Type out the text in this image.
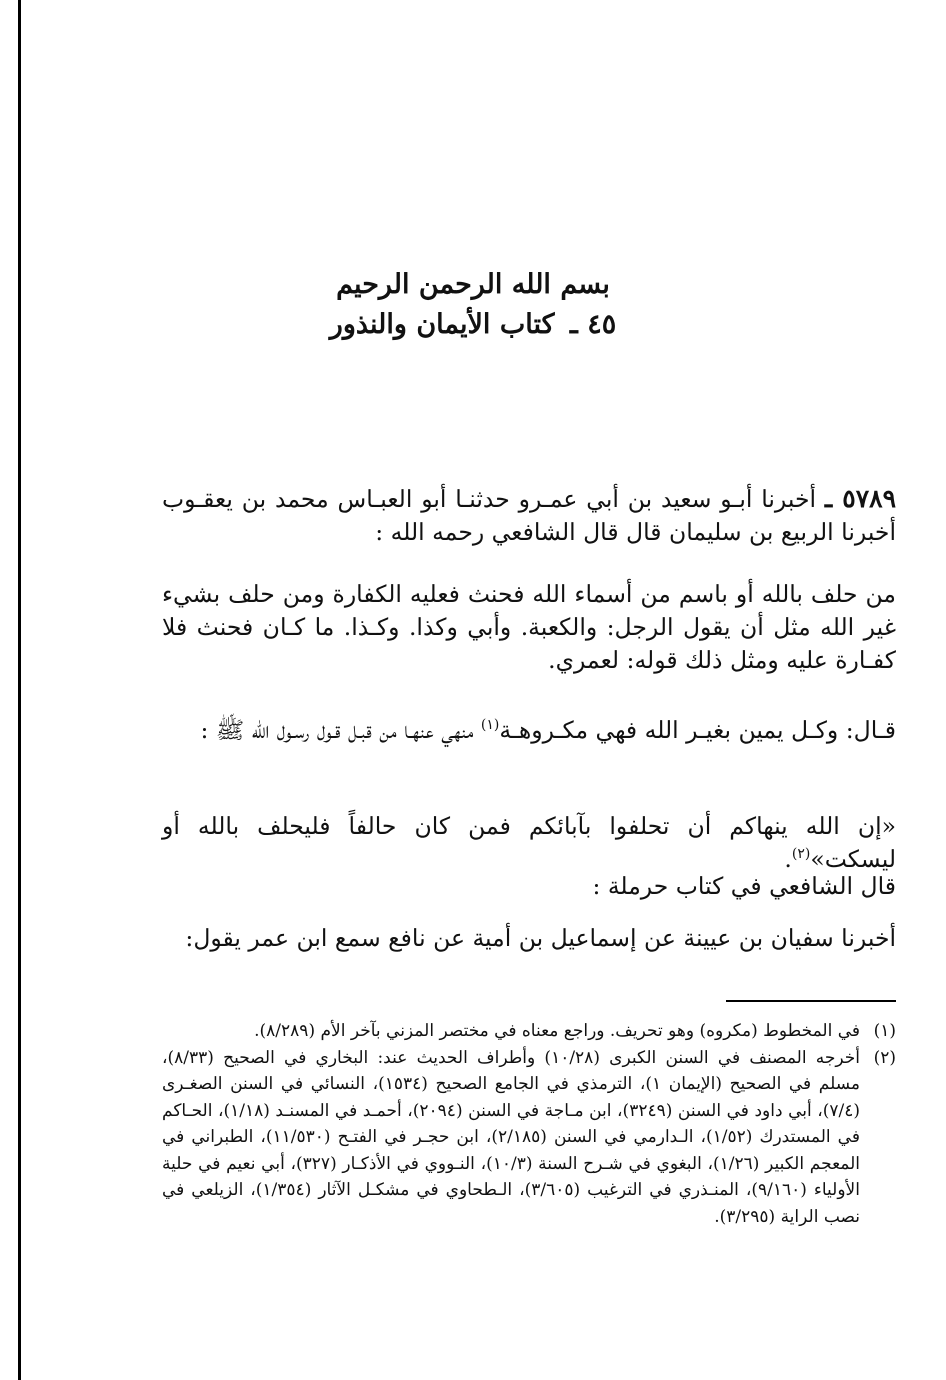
بسم الله الرحمن الرحيم
٤٥ ـ كتاب الأيمان والنذور
٥٧٨٩ ـ أخبرنا أبـو سعيد بن أبي عمـرو حدثنـا أبو العبـاس محمد بن يعقـوب أخبرنا الربيع بن سليمان قال قال الشافعي رحمه الله :
من حلف بالله أو باسم من أسماء الله فحنث فعليه الكفارة ومن حلف بشيء غير الله مثل أن يقول الرجل: والكعبة. وأبي وكذا. وكـذا. ما كـان فحنث فلا كفـارة عليه ومثل ذلك قوله: لعمري.
قـال: وكـل يمين بغيـر الله فهي مكـروهـة$^{(١)}$ منهي عنهـا من قبـل قـول رسـول الله ﷺ :
«إن الله ينهاكم أن تحلفوا بآبائكم فمن كان حالفاً فليحلف بالله أو ليسكت»$^{(٢)}$.
قال الشافعي في كتاب حرملة :
أخبرنا سفيان بن عيينة عن إسماعيل بن أمية عن نافع سمع ابن عمر يقول:
(١)
في المخطوط (مكروه) وهو تحريف. وراجع معناه في مختصر المزني بآخر الأم (٨/٢٨٩).
(٢)
أخرجه المصنف في السنن الكبرى (١٠/٢٨) وأطراف الحديث عند: البخاري في الصحيح (٨/٣٣)، مسلم في الصحيح (الإيمان ١)، الترمذي في الجامع الصحيح (١٥٣٤)، النسائي في السنن الصغـرى (٧/٤)، أبي داود في السنن (٣٢٤٩)، ابن مـاجة في السنن (٢٠٩٤)، أحمـد في المسنـد (١/١٨)، الحـاكم في المستدرك (١/٥٢)، الـدارمي في السنن (٢/١٨٥)، ابن حجـر في الفتـح (١١/٥٣٠)، الطبراني في المعجم الكبير (١/٢٦)، البغوي في شـرح السنة (١٠/٣)، النـووي في الأذكـار (٣٢٧)، أبي نعيم في حلية الأولياء (٩/١٦٠)، المنـذري في الترغيب (٣/٦٠٥)، الـطحاوي في مشكـل الآثار (١/٣٥٤)، الزيلعي في نصب الراية (٣/٢٩٥).
